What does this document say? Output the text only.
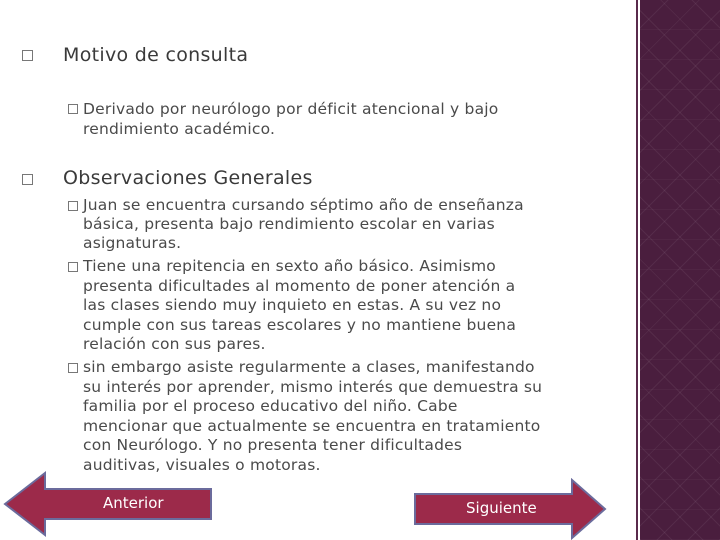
Motivo de consulta
Derivado por neurólogo por déficit atencional y bajo
rendimiento académico.
Observaciones Generales
Juan se encuentra cursando séptimo año de enseñanza
básica, presenta bajo rendimiento escolar en varias
asignaturas.
Tiene una repitencia en sexto año básico. Asimismo
presenta dificultades al momento de poner atención a
las clases siendo muy inquieto en estas. A su vez no
cumple con sus tareas escolares y no mantiene buena
relación con sus pares.
sin embargo asiste regularmente a clases, manifestando
su interés por aprender, mismo interés que demuestra su
familia por el proceso educativo del niño. Cabe
mencionar que actualmente se encuentra en tratamiento
con Neurólogo. Y no presenta tener dificultades
auditivas, visuales o motoras.
Anterior	Siguiente
